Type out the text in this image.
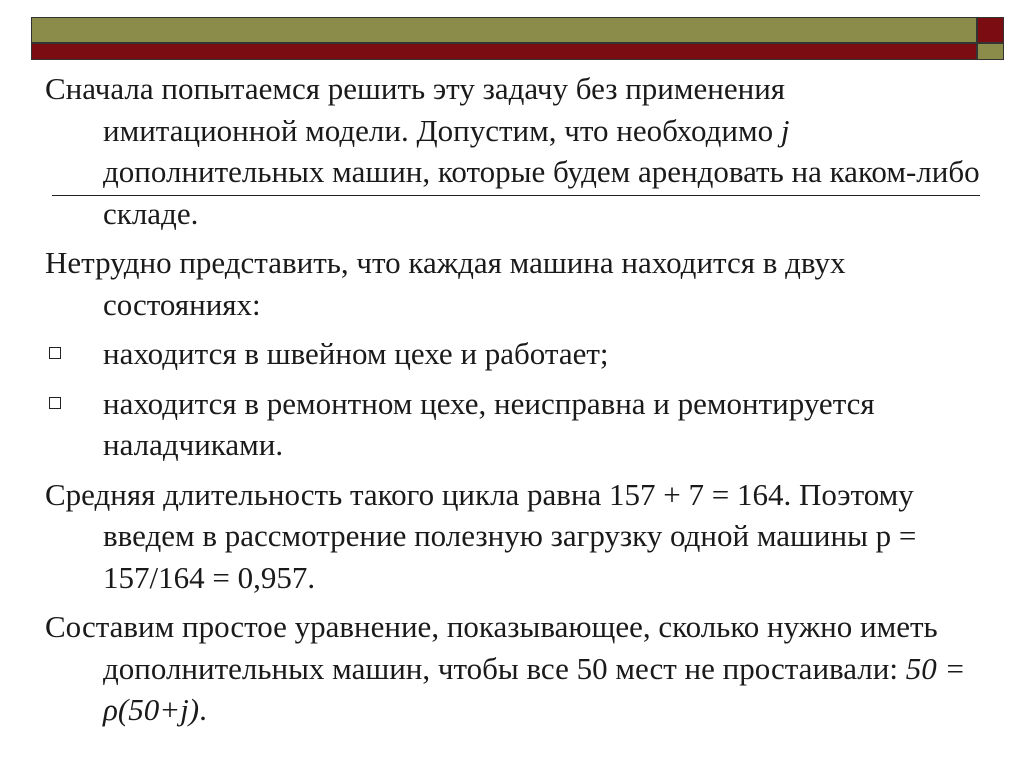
Сначала попытаемся решить эту задачу без применения имитационной модели. Допустим, что необходимо j дополнительных машин, которые будем арендовать на каком-либо складе.

Нетрудно представить, что каждая машина находится в двух состояниях:

находится в швейном цехе и работает;
находится в ремонтном цехе, неисправна и ремонтируется наладчиками.

Средняя длительность такого цикла равна 157 + 7 = 164. Поэтому введем в рассмотрение полезную загрузку одной машины p = 157/164 = 0,957.

Составим простое уравнение, показывающее, сколько нужно иметь дополнительных машин, чтобы все 50 мест не простаивали: 50 = ρ(50+j).
